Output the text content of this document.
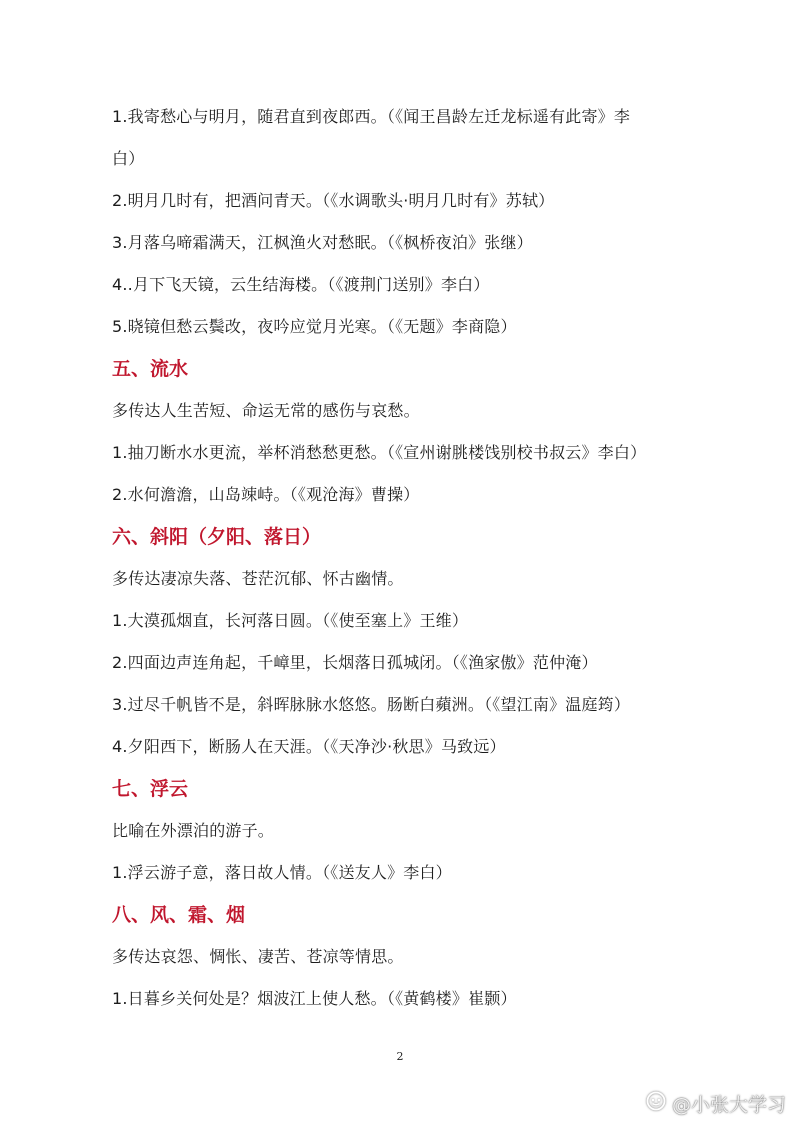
1.我寄愁心与明月，随君直到夜郎西。（《闻王昌龄左迁龙标遥有此寄》李
白）
2.明月几时有，把酒问青天。（《水调歌头·明月几时有》苏轼）
3.月落乌啼霜满天，江枫渔火对愁眠。（《枫桥夜泊》张继）
4..月下飞天镜，云生结海楼。（《渡荆门送别》李白）
5.晓镜但愁云鬓改，夜吟应觉月光寒。（《无题》李商隐）
五、流水
多传达人生苦短、命运无常的感伤与哀愁。
1.抽刀断水水更流，举杯消愁愁更愁。（《宣州谢朓楼饯别校书叔云》李白）
2.水何澹澹，山岛竦峙。（《观沧海》曹操）
六、斜阳（夕阳、落日）
多传达凄凉失落、苍茫沉郁、怀古幽情。
1.大漠孤烟直，长河落日圆。（《使至塞上》王维）
2.四面边声连角起，千嶂里，长烟落日孤城闭。（《渔家傲》范仲淹）
3.过尽千帆皆不是，斜晖脉脉水悠悠。肠断白蘋洲。（《望江南》温庭筠）
4.夕阳西下，断肠人在天涯。（《天净沙·秋思》马致远）
七、浮云
比喻在外漂泊的游子。
1.浮云游子意，落日故人情。（《送友人》李白）
八、风、霜、烟
多传达哀怨、惆怅、凄苦、苍凉等情思。
1.日暮乡关何处是？烟波江上使人愁。（《黄鹤楼》崔颢）
2
@小张大学习
